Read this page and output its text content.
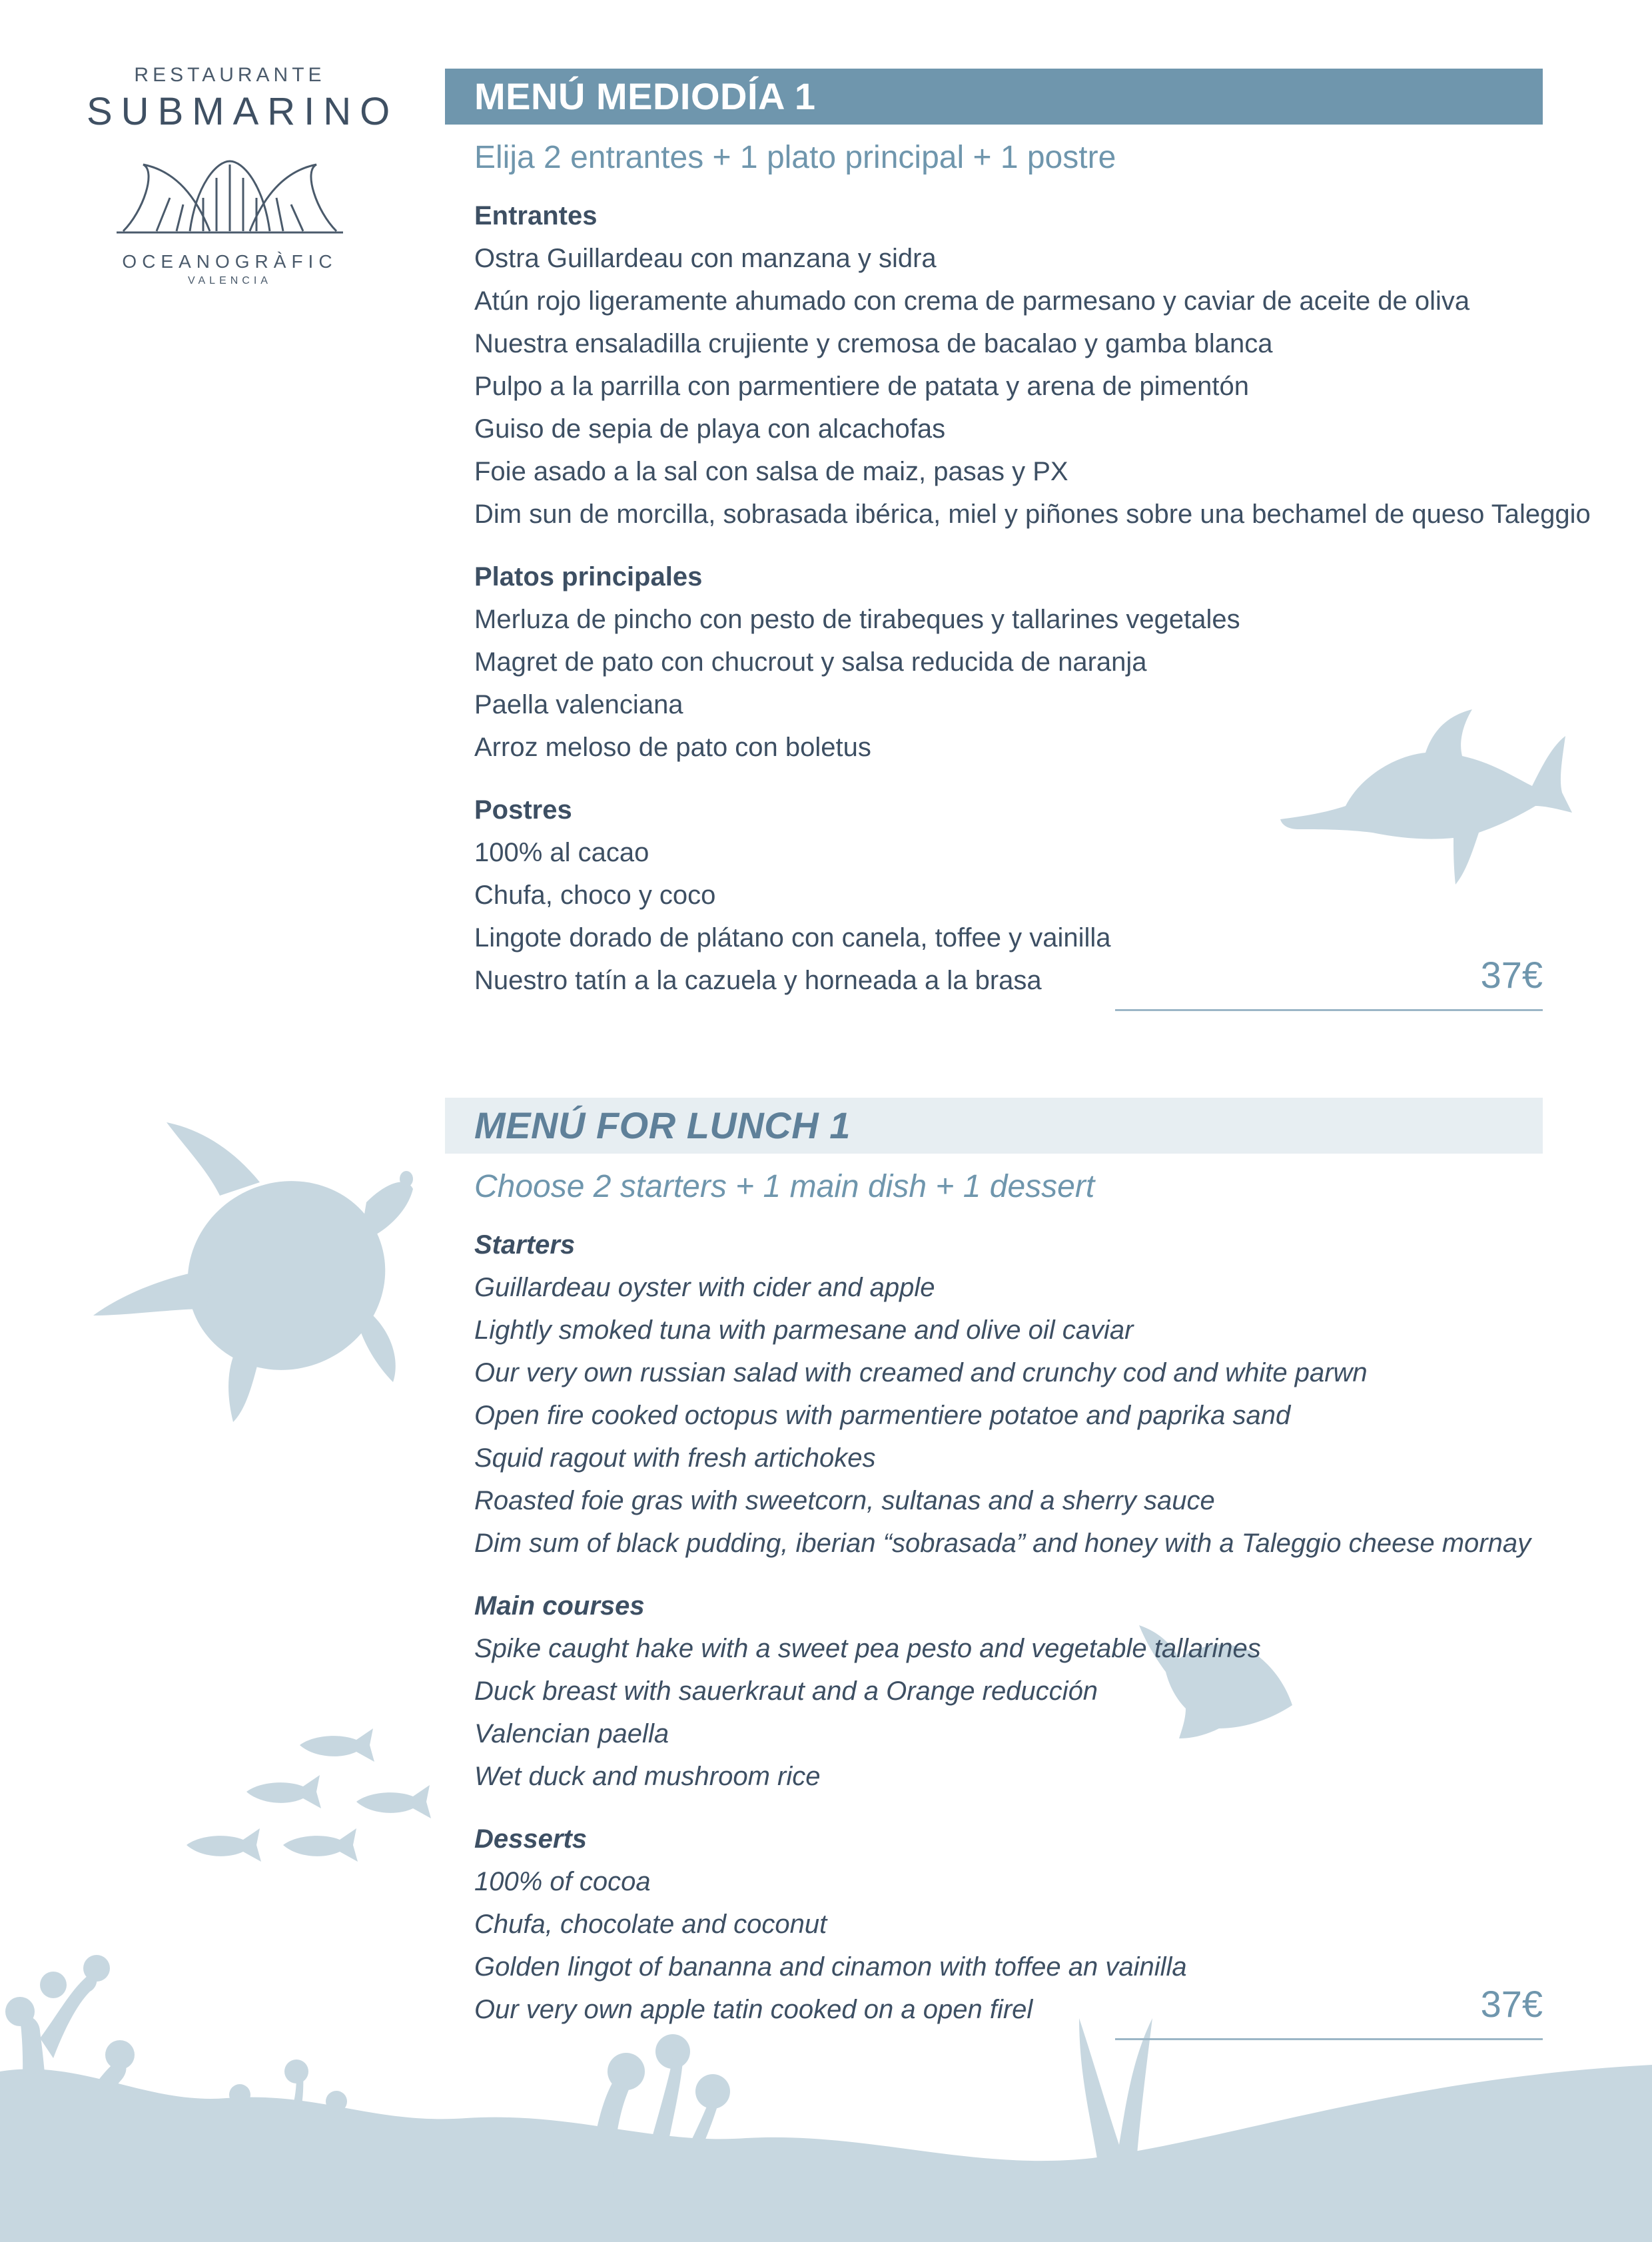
RESTAURANTE
SUBMARINO
OCEANOGRÀFIC
VALENCIA
MENÚ MEDIODÍA 1
Elija 2 entrantes + 1 plato principal + 1 postre
Entrantes
Ostra Guillardeau con manzana y sidra
Atún rojo ligeramente ahumado con crema de parmesano y caviar de aceite de oliva
Nuestra ensaladilla crujiente y cremosa de bacalao y gamba blanca
Pulpo a la parrilla con parmentiere de patata y arena de pimentón
Guiso de sepia de playa con alcachofas
Foie asado a la sal con salsa de maiz, pasas y PX
Dim sun de morcilla, sobrasada ibérica, miel y piñones sobre una bechamel de queso Taleggio
Platos principales
Merluza de pincho con pesto de tirabeques y tallarines vegetales
Magret de pato con chucrout y salsa reducida de naranja
Paella valenciana
Arroz meloso de pato con boletus
Postres
100% al cacao
Chufa, choco y coco
Lingote dorado de plátano con canela, toffee y vainilla
Nuestro tatín a la cazuela y horneada a la brasa	37€
MENÚ FOR LUNCH 1
Choose 2 starters + 1 main dish + 1 dessert
Starters
Guillardeau oyster with cider and apple
Lightly smoked tuna with parmesane and olive oil caviar
Our very own russian salad with creamed and crunchy cod and white parwn
Open fire cooked octopus with parmentiere potatoe and paprika sand
Squid ragout with fresh artichokes
Roasted foie gras with sweetcorn, sultanas and a sherry sauce
Dim sum of black pudding, iberian “sobrasada” and honey with a Taleggio cheese mornay
Main courses
Spike caught hake with a sweet pea pesto and vegetable tallarines
Duck breast with sauerkraut and a Orange reducción
Valencian paella
Wet duck and mushroom rice
Desserts
100% of cocoa
Chufa, chocolate and coconut
Golden lingot of bananna and cinamon with toffee an vainilla
Our very own apple tatin cooked on a open firel	37€
